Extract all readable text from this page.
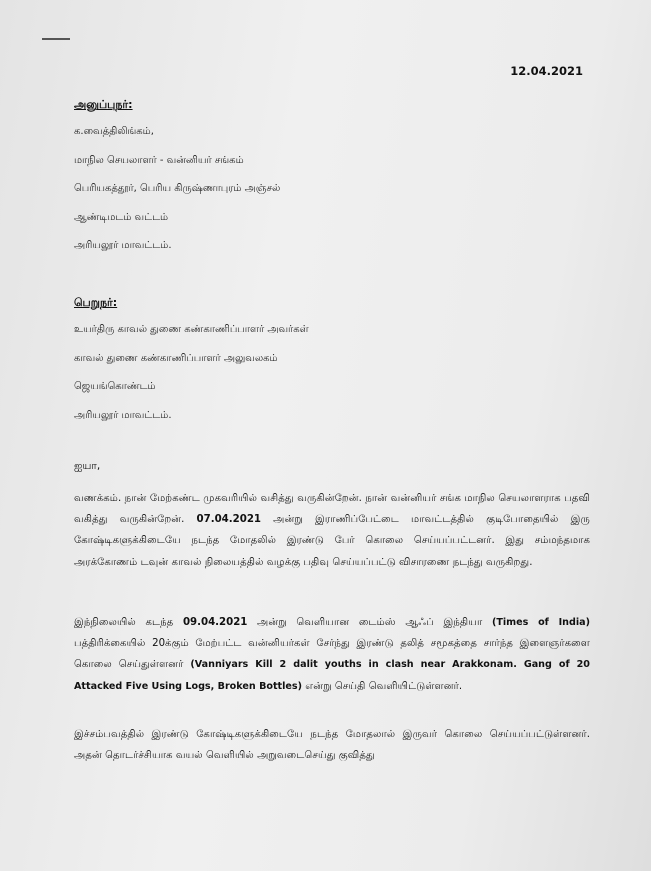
12.04.2021
அனுப்புநர்:
க.வைத்திலிங்கம்,
மாநில செயலாளர் - வன்னியர் சங்கம்
பெரியகத்தூர், பெரிய கிருஷ்ணாபுரம் அஞ்சல்
ஆண்டிமடம் வட்டம்
அரியலூர் மாவட்டம்.
பெறுநர்:
உயர்திரு காவல் துணை கண்காணிப்பாளர் அவர்கள்
காவல் துணை கண்காணிப்பாளர் அலுவலகம்
ஜெயங்கொண்டம்
அரியலூர் மாவட்டம்.
ஐயா,
வணக்கம். நான் மேற்கண்ட முகவரியில் வசித்து வருகின்றேன். நான் வன்னியர் சங்க மாநில செயலாளராக பதவி வகித்து வருகின்றேன். 07.04.2021 அன்று இராணிப்பேட்டை மாவட்டத்தில் குடிபோதையில் இரு கோஷ்டிகளுக்கிடையே நடந்த மோதலில் இரண்டு பேர் கொலை செய்யப்பட்டனர். இது சம்மந்தமாக அரக்கோணம் டவுன் காவல் நிலையத்தில் வழக்கு பதிவு செய்யப்பட்டு விசாரணை நடந்து வருகிறது.
இந்நிலையில் கடந்த 09.04.2021 அன்று வெளியான டைம்ஸ் ஆஃப் இந்தியா (Times of India) பத்திரிக்கையில் 20க்கும் மேற்பட்ட வன்னியர்கள் சேர்ந்து இரண்டு தலித் சமூகத்தை சார்ந்த இளைஞர்களை கொலை செய்துள்ளனர் (Vanniyars Kill 2 dalit youths in clash near Arakkonam. Gang of 20 Attacked Five Using Logs, Broken Bottles) என்று செய்தி வெளியிட்டுள்ளனர்.
இச்சம்பவத்தில் இரண்டு கோஷ்டிகளுக்கிடையே நடந்த மோதலால் இருவர் கொலை செய்யப்பட்டுள்ளனர். அதன் தொடர்ச்சியாக வயல் வெளியில் அறுவடைசெய்து குவித்து
